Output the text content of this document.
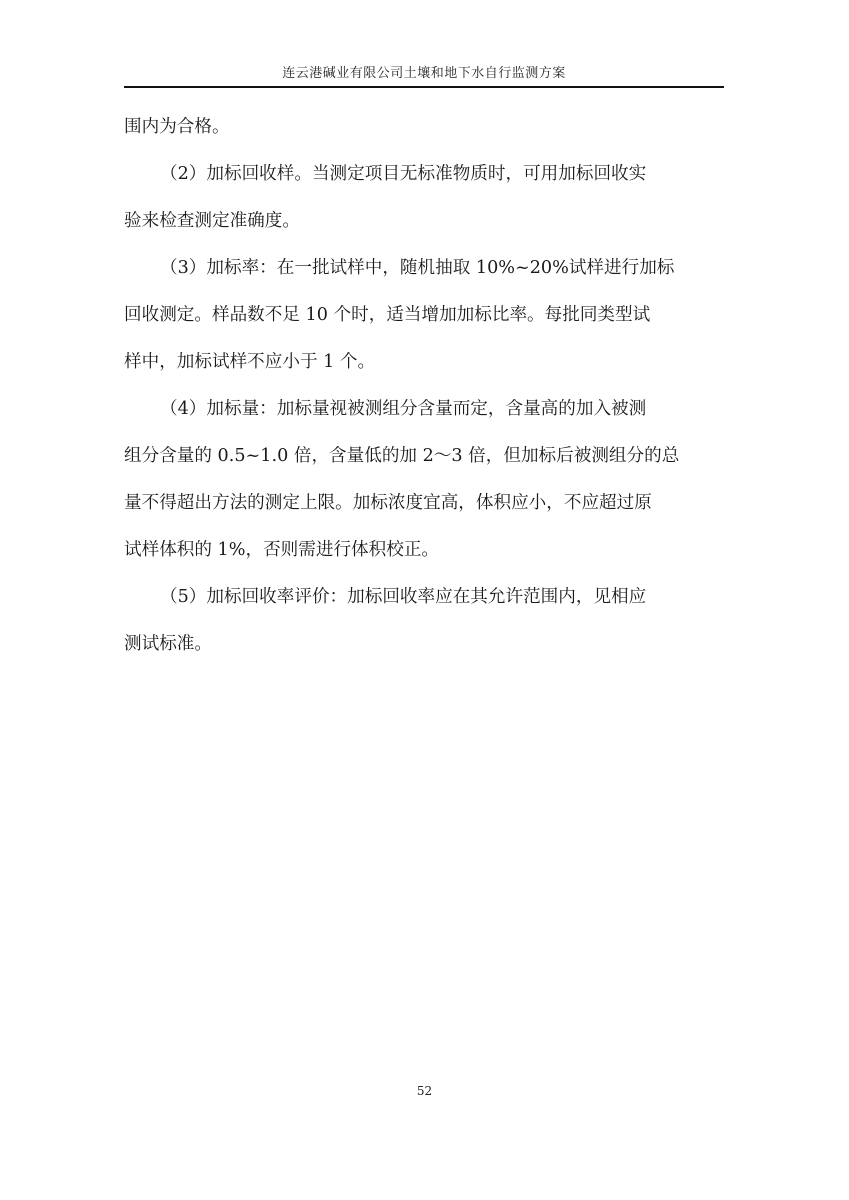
连云港碱业有限公司土壤和地下水自行监测方案
围内为合格。
（2）加标回收样。当测定项目无标准物质时，可用加标回收实
验来检查测定准确度。
（3）加标率：在一批试样中，随机抽取 10%~20%试样进行加标
回收测定。样品数不足 10 个时，适当增加加标比率。每批同类型试
样中，加标试样不应小于 1 个。
（4）加标量：加标量视被测组分含量而定，含量高的加入被测
组分含量的 0.5~1.0 倍，含量低的加 2～3 倍，但加标后被测组分的总
量不得超出方法的测定上限。加标浓度宜高，体积应小，不应超过原
试样体积的 1%，否则需进行体积校正。
（5）加标回收率评价：加标回收率应在其允许范围内，见相应
测试标准。
52
